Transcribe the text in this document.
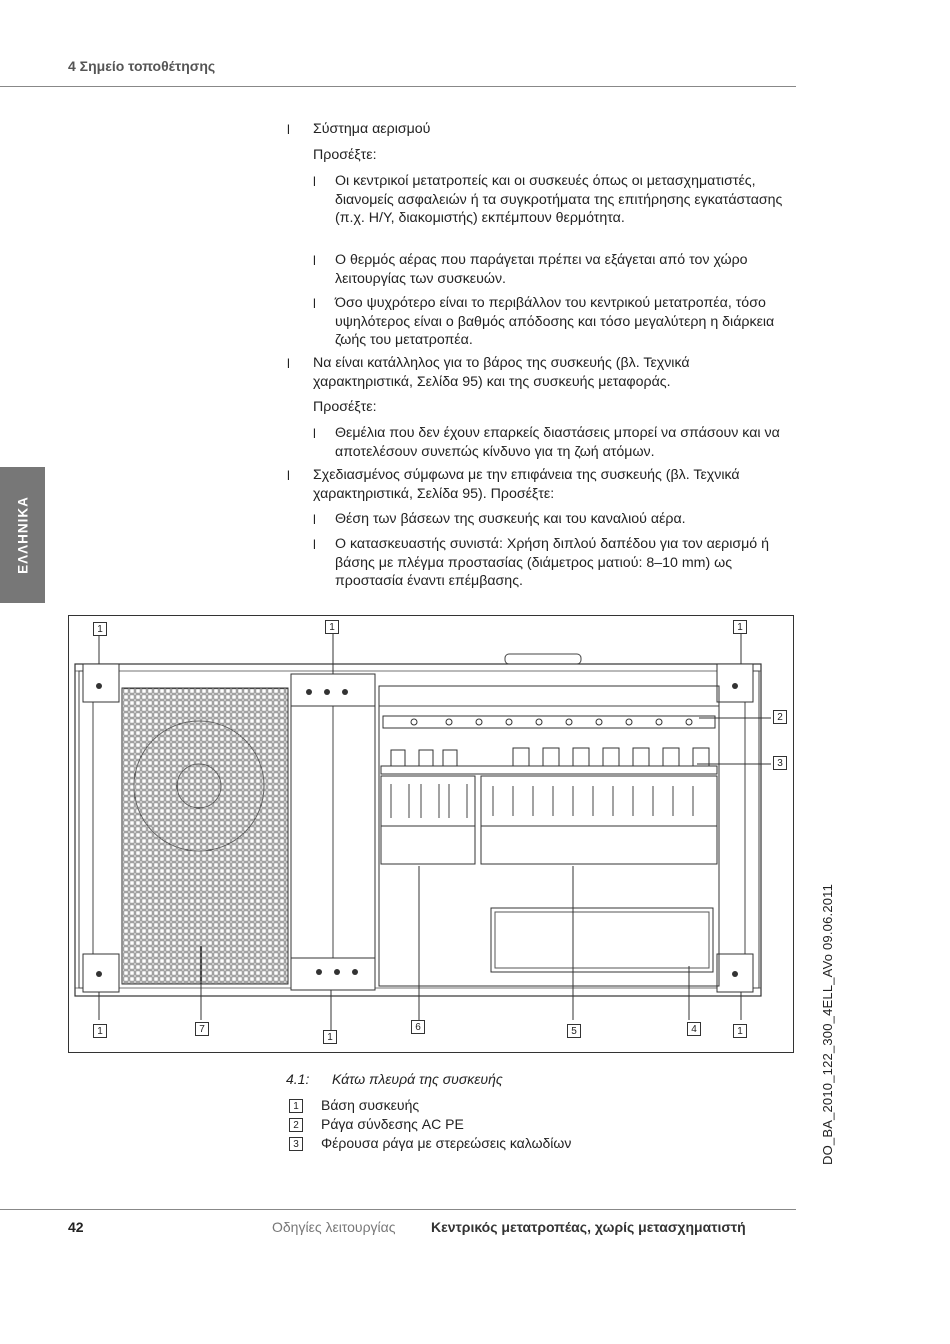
4 Σημείο τοποθέτησης
ΕΛΛΗΝΙΚΑ
l Σύστημα αερισμού
Προσέξτε:
l Οι κεντρικοί μετατροπείς και οι συσκευές όπως οι μετασχηματιστές, διανομείς ασφαλειών ή τα συγκροτήματα της επιτήρησης εγκατάστασης (π.χ. Η/Υ, διακομιστής) εκπέμπουν θερμότητα.
l Ο θερμός αέρας που παράγεται πρέπει να εξάγεται από τον χώρο λειτουργίας των συσκευών.
l Όσο ψυχρότερο είναι το περιβάλλον του κεντρικού μετατροπέα, τόσο υψηλότερος είναι ο βαθμός απόδοσης και τόσο μεγαλύτερη η διάρκεια ζωής του μετατροπέα.
l Να είναι κατάλληλος για το βάρος της συσκευής (βλ. Τεχνικά χαρακτηριστικά, Σελίδα 95) και της συσκευής μεταφοράς.
Προσέξτε:
l Θεμέλια που δεν έχουν επαρκείς διαστάσεις μπορεί να σπάσουν και να αποτελέσουν συνεπώς κίνδυνο για τη ζωή ατόμων.
l Σχεδιασμένος σύμφωνα με την επιφάνεια της συσκευής (βλ. Τεχνικά χαρακτηριστικά, Σελίδα 95). Προσέξτε:
l Θέση των βάσεων της συσκευής και του καναλιού αέρα.
l Ο κατασκευαστής συνιστά: Χρήση διπλού δαπέδου για τον αερισμό ή βάσης με πλέγμα προστασίας (διάμετρος ματιού: 8–10 mm) ως προστασία έναντι επέμβασης.
1	1	1
2
3
1	7
1
6	5	4	1
4.1: Κάτω πλευρά της συσκευής
1	Βάση συσκευής
2	Ράγα σύνδεσης AC PE
3	Φέρουσα ράγα με στερεώσεις καλωδίων	DO_BA_2010_122_300_4ELL_AVo 09.06.2011
42	Οδηγίες λειτουργίας	Κεντρικός μετατροπέας, χωρίς μετασχηματιστή
